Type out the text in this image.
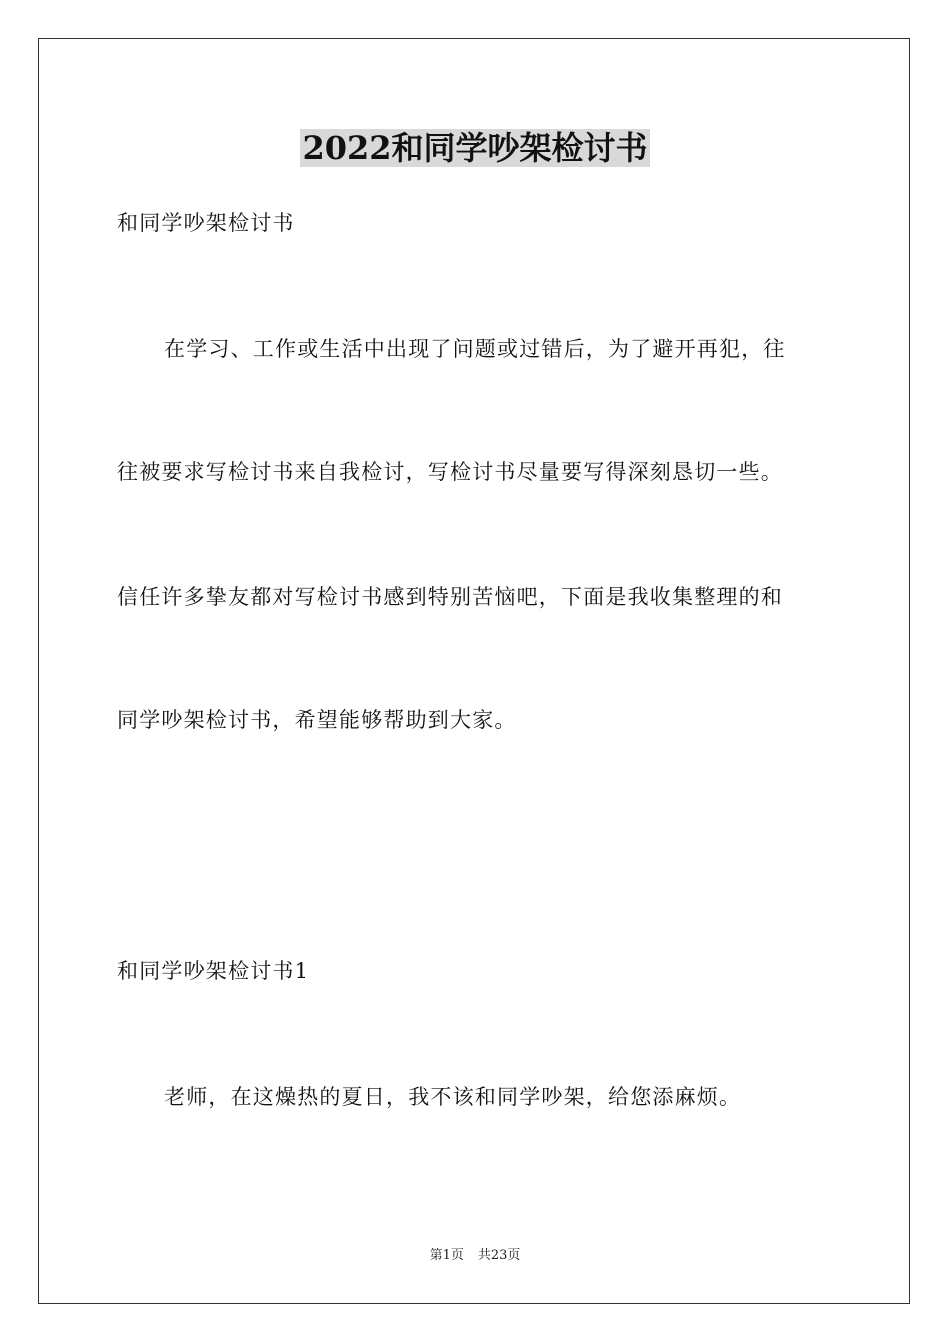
2022和同学吵架检讨书
和同学吵架检讨书
在学习、工作或生活中出现了问题或过错后，为了避开再犯，往
往被要求写检讨书来自我检讨，写检讨书尽量要写得深刻恳切一些。
信任许多挚友都对写检讨书感到特别苦恼吧，下面是我收集整理的和
同学吵架检讨书，希望能够帮助到大家。
和同学吵架检讨书1
老师，在这燥热的夏日，我不该和同学吵架，给您添麻烦。
第1页 共23页
